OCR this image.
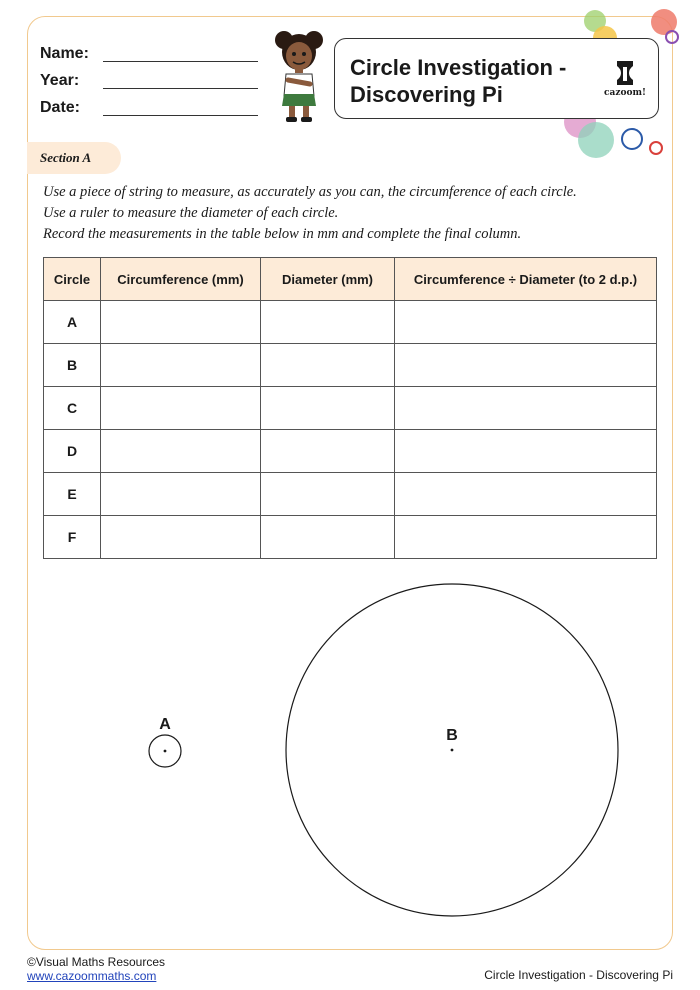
Name:
Year:
Date:
Circle Investigation -
Discovering Pi	cazoom!
Section A

Use a piece of string to measure, as accurately as you can, the circumference of each circle.

Use a ruler to measure the diameter of each circle.

Record the measurements in the table below in mm and complete the final column.

Circle	Circumference (mm)	Diameter (mm)	Circumference ÷ Diameter (to 2 d.p.)
A			
B			
C			
D			
E			
F			
A
B
©Visual Maths Resources
www.cazoommaths.com	Circle Investigation - Discovering Pi
